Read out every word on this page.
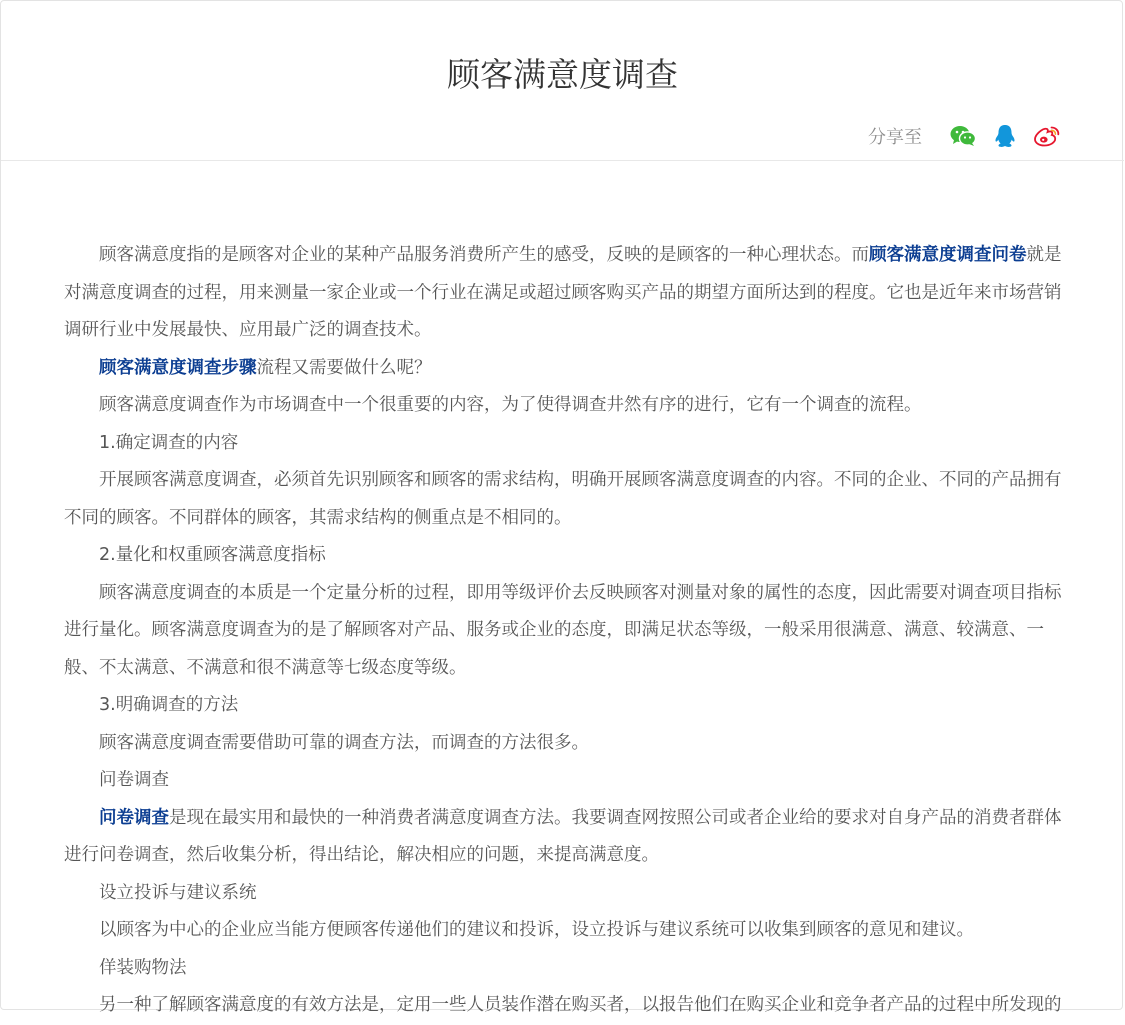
顾客满意度调查
分享至

顾客满意度指的是顾客对企业的某种产品服务消费所产生的感受，反映的是顾客的一种心理状态。而顾客满意度调查问卷就是对满意度调查的过程，用来测量一家企业或一个行业在满足或超过顾客购买产品的期望方面所达到的程度。它也是近年来市场营销调研行业中发展最快、应用最广泛的调查技术。

顾客满意度调查步骤流程又需要做什么呢？

顾客满意度调查作为市场调查中一个很重要的内容，为了使得调查井然有序的进行，它有一个调查的流程。

1.确定调查的内容

开展顾客满意度调查，必须首先识别顾客和顾客的需求结构，明确开展顾客满意度调查的内容。不同的企业、不同的产品拥有不同的顾客。不同群体的顾客，其需求结构的侧重点是不相同的。

2.量化和权重顾客满意度指标

顾客满意度调查的本质是一个定量分析的过程，即用等级评价去反映顾客对测量对象的属性的态度，因此需要对调查项目指标进行量化。顾客满意度调查为的是了解顾客对产品、服务或企业的态度，即满足状态等级，一般采用很满意、满意、较满意、一般、不太满意、不满意和很不满意等七级态度等级。

3.明确调查的方法

顾客满意度调查需要借助可靠的调查方法，而调查的方法很多。

问卷调查

问卷调查是现在最实用和最快的一种消费者满意度调查方法。我要调查网按照公司或者企业给的要求对自身产品的消费者群体进行问卷调查，然后收集分析，得出结论，解决相应的问题，来提高满意度。

设立投诉与建议系统

以顾客为中心的企业应当能方便顾客传递他们的建议和投诉，设立投诉与建议系统可以收集到顾客的意见和建议。

佯装购物法

另一种了解顾客满意度的有效方法是，定用一些人员装作潜在购买者，以报告他们在购买企业和竞争者产品的过程中所发现的
